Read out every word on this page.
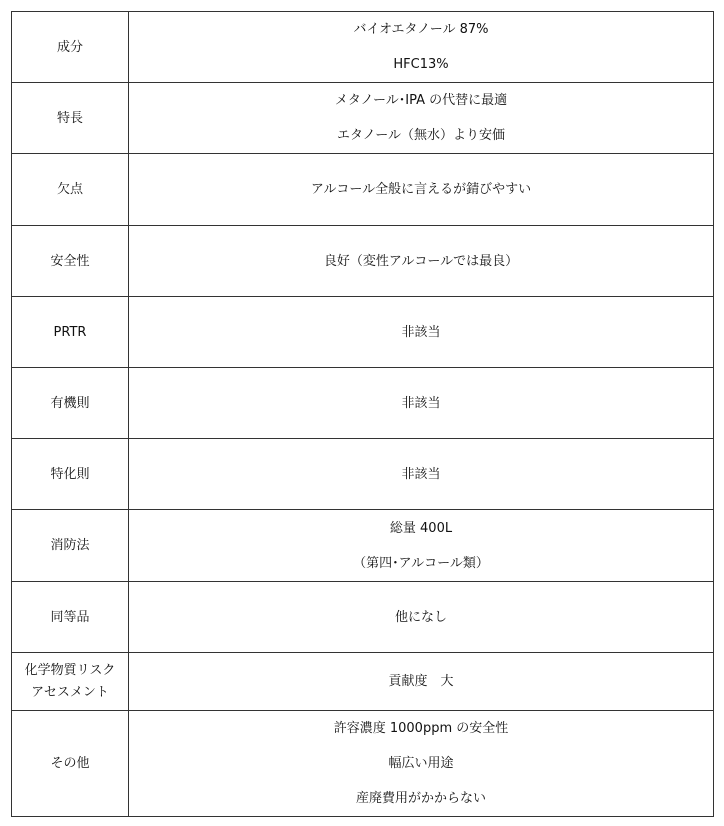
成分	バイオエタノール 87%
HFC13%

特長	メタノール･IPA の代替に最適
エタノール（無水）より安価

欠点	アルコール全般に言えるが錆びやすい

安全性	良好（変性アルコールでは最良）

PRTR	非該当

有機則	非該当

特化則	非該当

消防法	総量 400L
（第四･アルコール類）

同等品	他になし

化学物質リスク
アセスメント	貢献度　大

その他	許容濃度 1000ppm の安全性
幅広い用途
産廃費用がかからない
